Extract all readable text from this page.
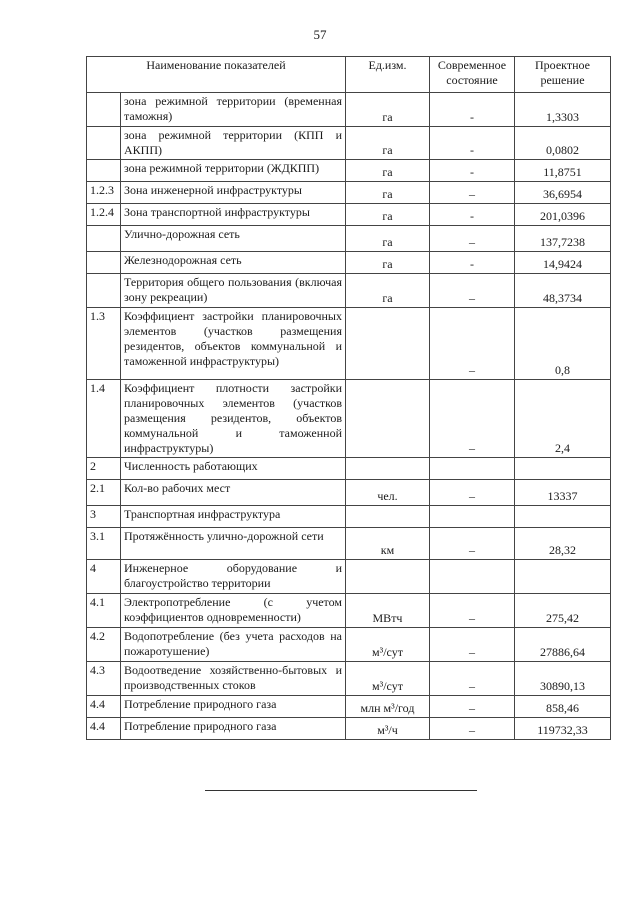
57
Наименование показателей		Ед.изм.	Современное состояние	Проектное решение
	зона режимной территории (временная таможня)	га	-	1,3303
	зона режимной территории (КПП и АКПП)	га	-	0,0802
	зона режимной территории (ЖДКПП)	га	-	11,8751
1.2.3	Зона инженерной инфраструктуры	га	–	36,6954
1.2.4	Зона транспортной инфраструктуры	га	-	201,0396
	Улично-дорожная сеть	га	–	137,7238
	Железнодорожная сеть	га	-	14,9424
	Территория общего пользования (включая зону рекреации)	га	–	48,3734
1.3	Коэффициент застройки планировочных элементов (участков размещения резидентов, объектов коммунальной и таможенной инфраструктуры)		–	0,8
1.4	Коэффициент плотности застройки планировочных элементов (участков размещения резидентов, объектов коммунальной и таможенной инфраструктуры)		–	2,4
2	Численность работающих			
2.1	Кол-во рабочих мест	чел.	–	13337
3	Транспортная инфраструктура			
3.1	Протяжённость улично-дорожной сети	км	–	28,32
4	Инженерное оборудование и благоустройство территории			
4.1	Электропотребление (с учетом коэффициентов одновременности)	МВтч	–	275,42
4.2	Водопотребление (без учета расходов на пожаротушение)	м³/сут	–	27886,64
4.3	Водоотведение хозяйственно-бытовых и производственных стоков	м³/сут	–	30890,13
4.4	Потребление природного газа	млн м³/год	–	858,46
4.4	Потребление природного газа	м³/ч	–	119732,33
